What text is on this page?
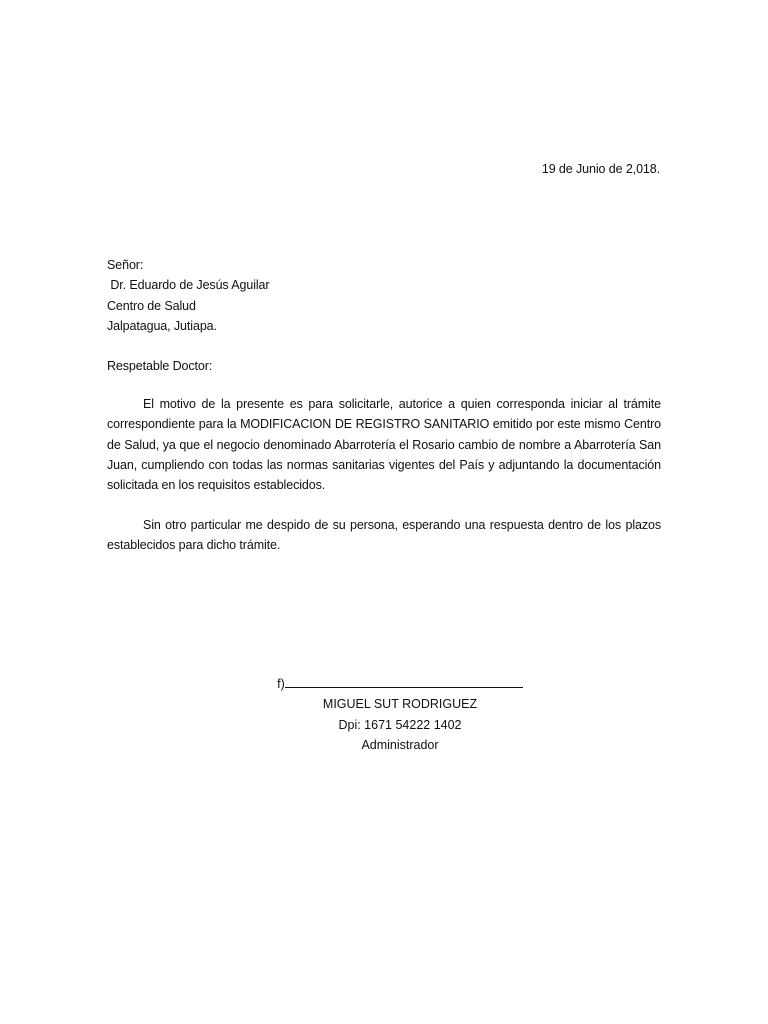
19 de Junio de 2,018.
Señor:
Dr. Eduardo de Jesús Aguilar
Centro de Salud
Jalpatagua, Jutiapa.
Respetable Doctor:

El motivo de la presente es para solicitarle, autorice a quien corresponda iniciar al trámite correspondiente para la MODIFICACION DE REGISTRO SANITARIO emitido por este mismo Centro de Salud, ya que el negocio denominado Abarrotería el Rosario cambio de nombre a Abarrotería San Juan, cumpliendo con todas las normas sanitarias vigentes del País y adjuntando la documentación solicitada en los requisitos establecidos.

Sin otro particular me despido de su persona, esperando una respuesta dentro de los plazos establecidos para dicho trámite.

f)
MIGUEL SUT RODRIGUEZ
Dpi: 1671 54222 1402
Administrador
